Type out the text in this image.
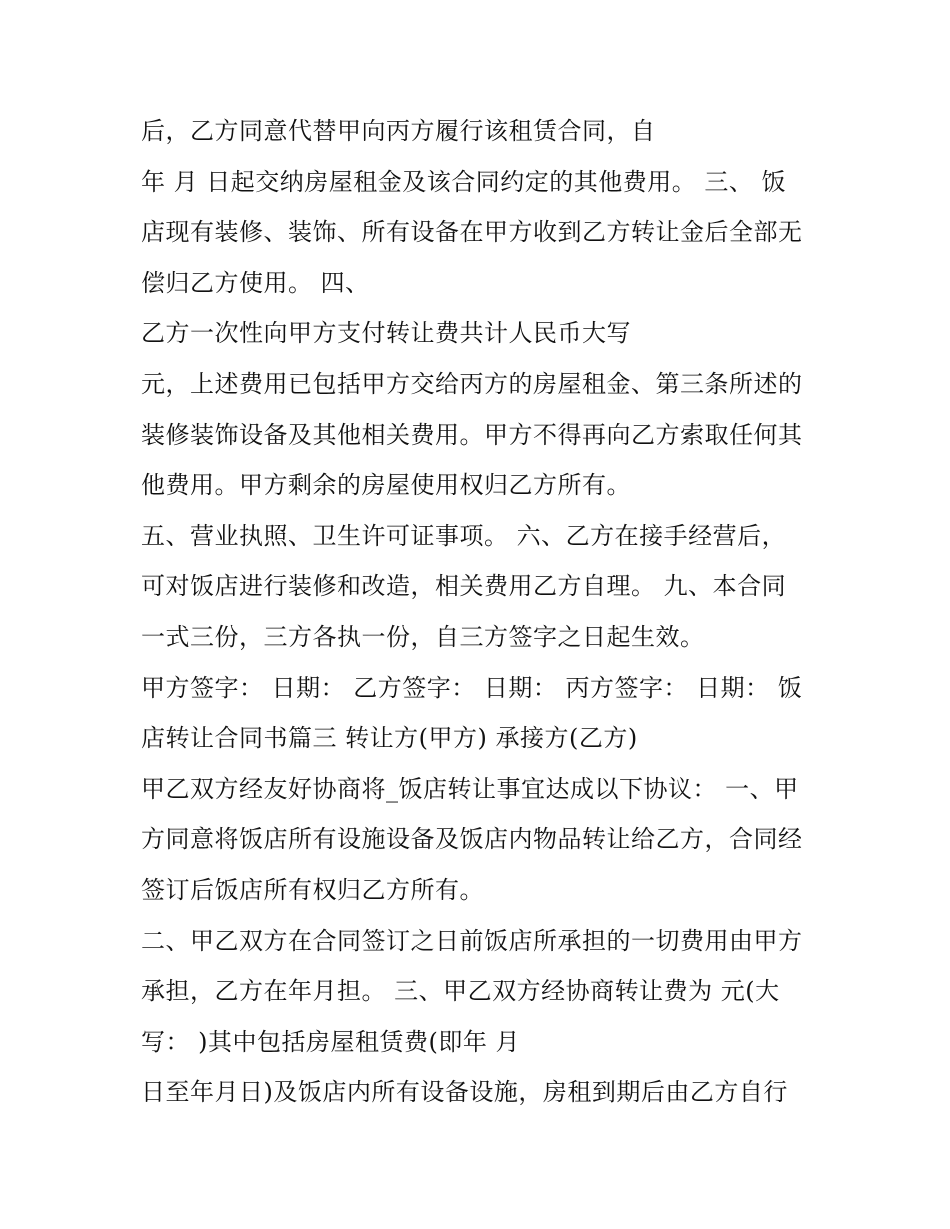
后，乙方同意代替甲向丙方履行该租赁合同，自
年 月 日起交纳房屋租金及该合同约定的其他费用。 三、 饭
店现有装修、装饰、所有设备在甲方收到乙方转让金后全部无
偿归乙方使用。 四、
乙方一次性向甲方支付转让费共计人民币大写
元，上述费用已包括甲方交给丙方的房屋租金、第三条所述的
装修装饰设备及其他相关费用。甲方不得再向乙方索取任何其
他费用。甲方剩余的房屋使用权归乙方所有。
五、营业执照、卫生许可证事项。 六、乙方在接手经营后，
可对饭店进行装修和改造，相关费用乙方自理。 九、本合同
一式三份，三方各执一份，自三方签字之日起生效。
甲方签字： 日期： 乙方签字： 日期： 丙方签字： 日期： 饭
店转让合同书篇三 转让方(甲方) 承接方(乙方)
甲乙双方经友好协商将_饭店转让事宜达成以下协议： 一、甲
方同意将饭店所有设施设备及饭店内物品转让给乙方，合同经
签订后饭店所有权归乙方所有。
二、甲乙双方在合同签订之日前饭店所承担的一切费用由甲方
承担，乙方在年月担。 三、甲乙双方经协商转让费为 元(大
写： )其中包括房屋租赁费(即年 月
日至年月日)及饭店内所有设备设施，房租到期后由乙方自行
